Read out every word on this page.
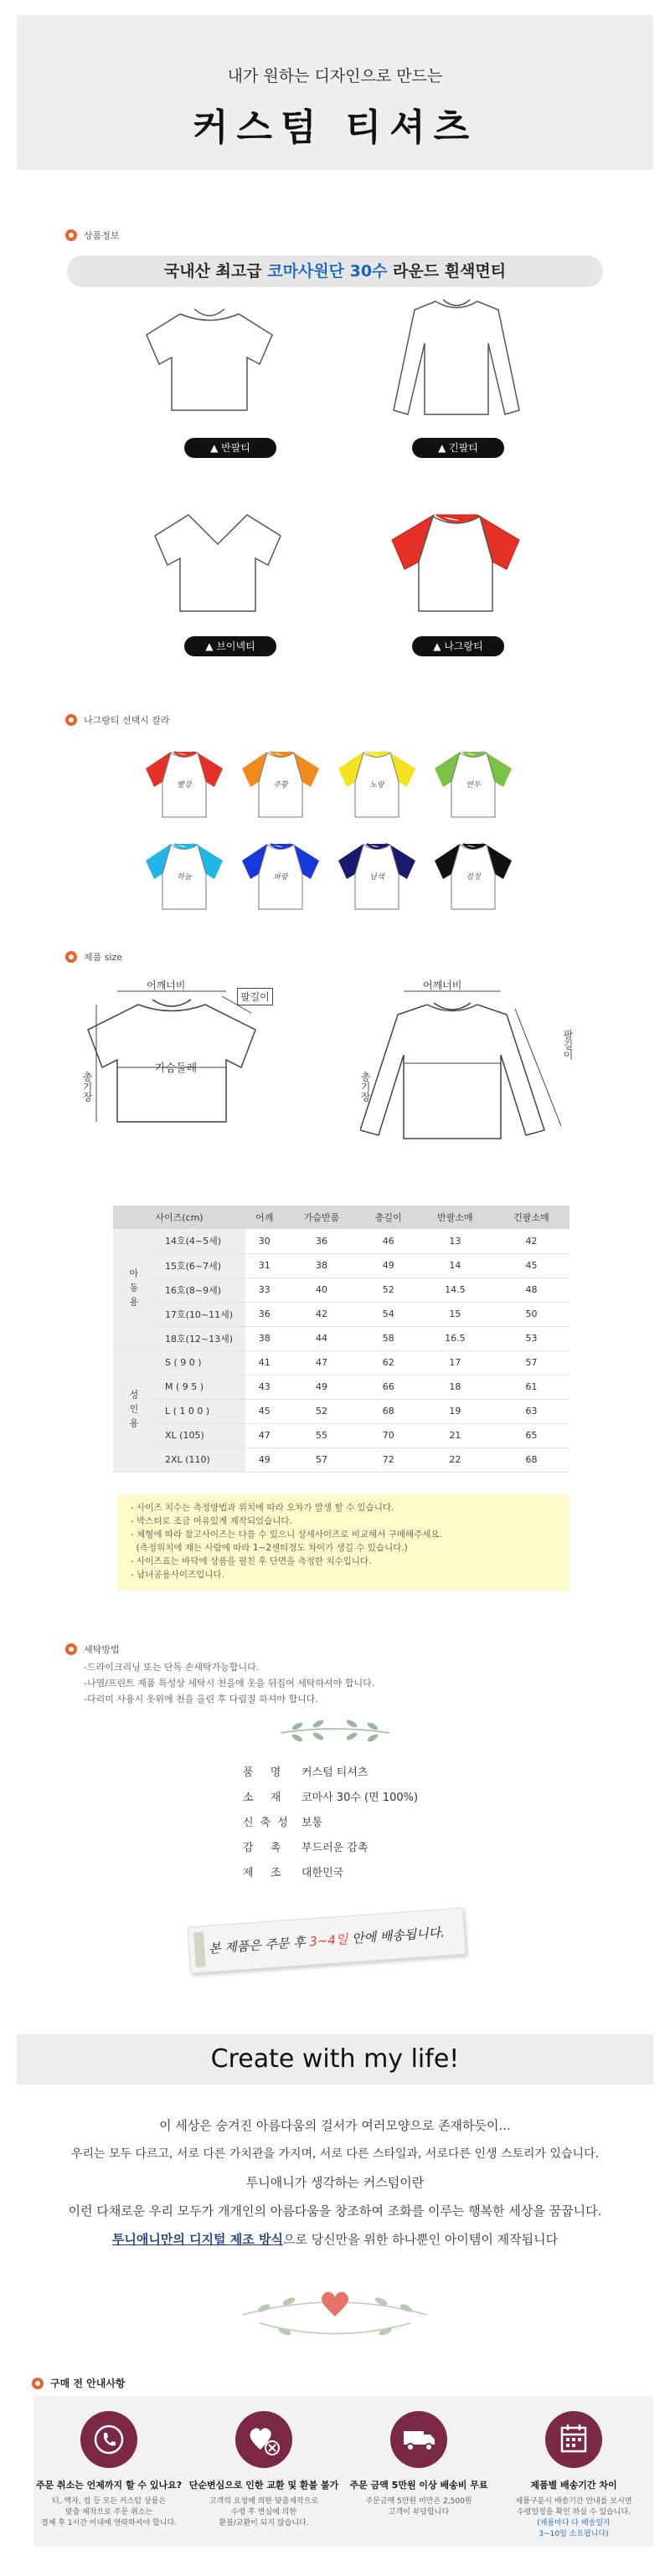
내가 원하는 디자인으로 만드는
커스텀 티셔츠
상품정보
국내산 최고급 코마사원단 30수 라운드 흰색면티
▲ 반팔티	▲ 긴팔티
▲ 브이넥티	▲ 나그랑티
나그랑티 선택시 칼라
빨강	주황	노랑	연두
하늘	파랑	남색	검정
제품 size
어깨너비
팔길이
가슴둘레
총기장
어깨너비
총기장
팔길이
사이즈(cm)		어깨	가슴반품	총길이	반팔소매	긴팔소매
아동용	14호(4~5세)	30	36	46	13	42
	15호(6~7세)	31	38	49	14	45
	16호(8~9세)	33	40	52	14.5	48
	17호(10~11세)	36	42	54	15	50
	18호(12~13세)	38	44	58	16.5	53
성인용	S ( 9 0 )	41	47	62	17	57
	M ( 9 5 )	43	49	66	18	61
	L ( 1 0 0 )	45	52	68	19	63
	XL (105)	47	55	70	21	65
	2XL (110)	49	57	72	22	68
- 사이즈 치수는 측정방법과 위치에 따라 오차가 발생 할 수 있습니다.
- 박스티로 조금 여유있게 제작되었습니다.
- 체형에 따라 참고사이즈는 다를 수 있으니 상세사이즈로 비교해서 구매해주세요.
(측정위치에 재는 사람에 따라 1~2센티정도 차이가 생길 수 있습니다.)
- 사이즈표는 바닥에 상품을 펼친 후 단면을 측정한 치수입니다.
- 남녀공용사이즈입니다.
세탁방법
-드라이크리닝 또는 단독 손세탁가능합니다.
-나염/프린트 제품 특성상 세탁시 천을에 옷을 뒤집어 세탁하셔야 합니다.
-다리미 사용시 옷위에 천을 올린 후 다림질 하셔야 합니다.
품 명 커스텀 티셔츠
소 재 코마사 30수 (면 100%)
신축성 보통
감 촉 부드러운 감촉
제 조 대한민국
본 제품은 주문 후 3~4일 안에 배송됩니다.
Create with my life!
이 세상은 숭겨진 아름다움의 걸서가 여러모양으로 존재하듯이...
우리는 모두 다르고, 서로 다른 가치관을 가지며, 서로 다른 스타일과, 서로다른 인생 스토리가 있습니다.
투니애니가 생각하는 커스텀이란
이런 다채로운 우리 모두가 개개인의 아름다움을 창조하여 조화를 이루는 행복한 세상을 꿈꿉니다.
투니애니만의 디지털 제조 방식으로 당신만을 위한 하나뿐인 아이템이 제작됩니다
구매 전 안내사항
주문 취소는 언제까지 할 수 있나요?
티, 액자, 컵 등 모든 커스텀 상품은
맞춤 제작으로 주문 취소는
결제 후 1시간 이내에 연락하셔야 합니다.
단순변심으로 인한 교환 및 환불 불가
고객의 요청에 의한 맞춤제작으로
수령 후 변심에 의한
환불/교환이 되지 않습니다.
주문 금액 5만원 이상 배송비 무료
주문금액 5만원 미만은 2,500원
고객이 부담합니다
제품별 배송기간 차이
제품구분시 배송기간 안내를 보시면
수령일정을 확인 하실 수 있습니다.
(제품마다 다 배송일자
3~10일 소요됩니다)
